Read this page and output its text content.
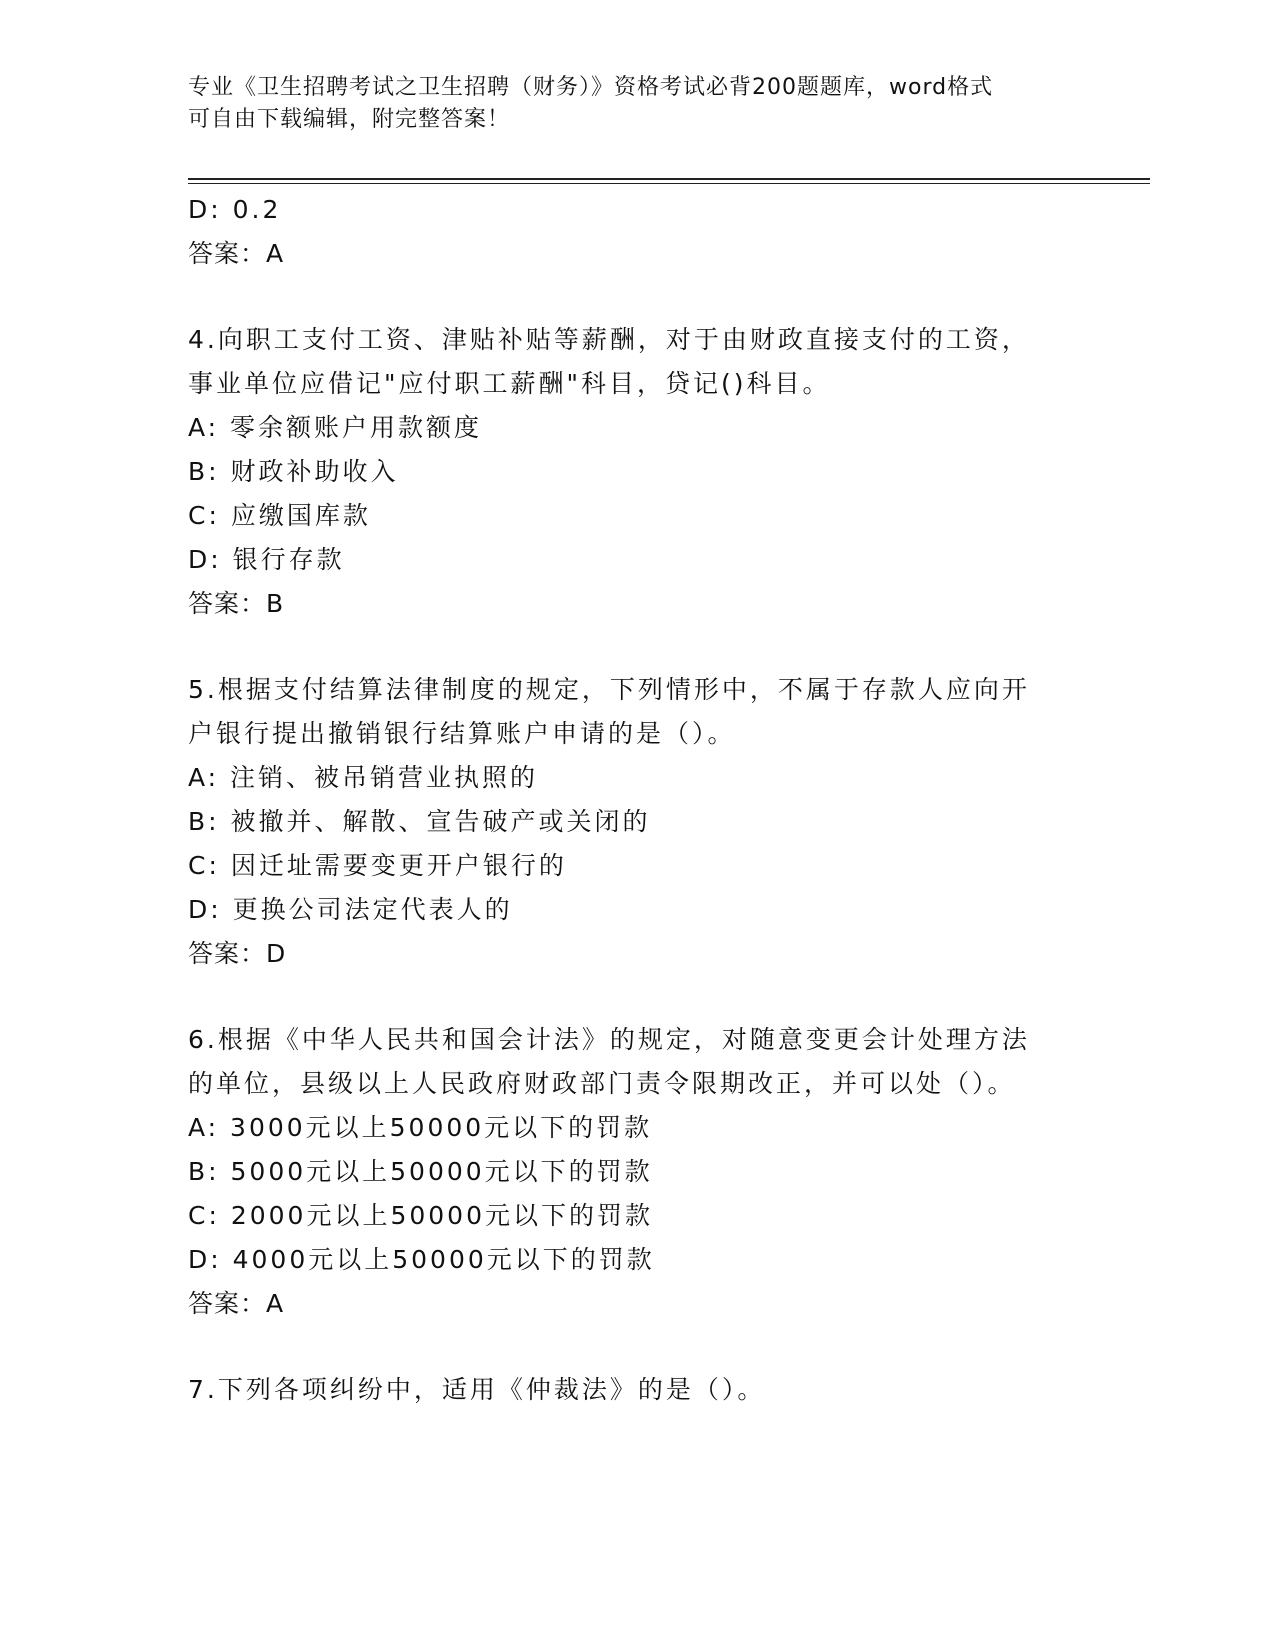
专业《卫生招聘考试之卫生招聘（财务）》资格考试必背200题题库，word格式
可自由下载编辑，附完整答案！
D: 0.2
答案：A
4.向职工支付工资、津贴补贴等薪酬，对于由财政直接支付的工资，
事业单位应借记"应付职工薪酬"科目，贷记()科目。
A: 零余额账户用款额度
B: 财政补助收入
C: 应缴国库款
D: 银行存款
答案：B
5.根据支付结算法律制度的规定，下列情形中，不属于存款人应向开
户银行提出撤销银行结算账户申请的是（）。
A: 注销、被吊销营业执照的
B: 被撤并、解散、宣告破产或关闭的
C: 因迁址需要变更开户银行的
D: 更换公司法定代表人的
答案：D
6.根据《中华人民共和国会计法》的规定，对随意变更会计处理方法
的单位，县级以上人民政府财政部门责令限期改正，并可以处（）。
A: 3000元以上50000元以下的罚款
B: 5000元以上50000元以下的罚款
C: 2000元以上50000元以下的罚款
D: 4000元以上50000元以下的罚款
答案：A
7.下列各项纠纷中，适用《仲裁法》的是（）。
